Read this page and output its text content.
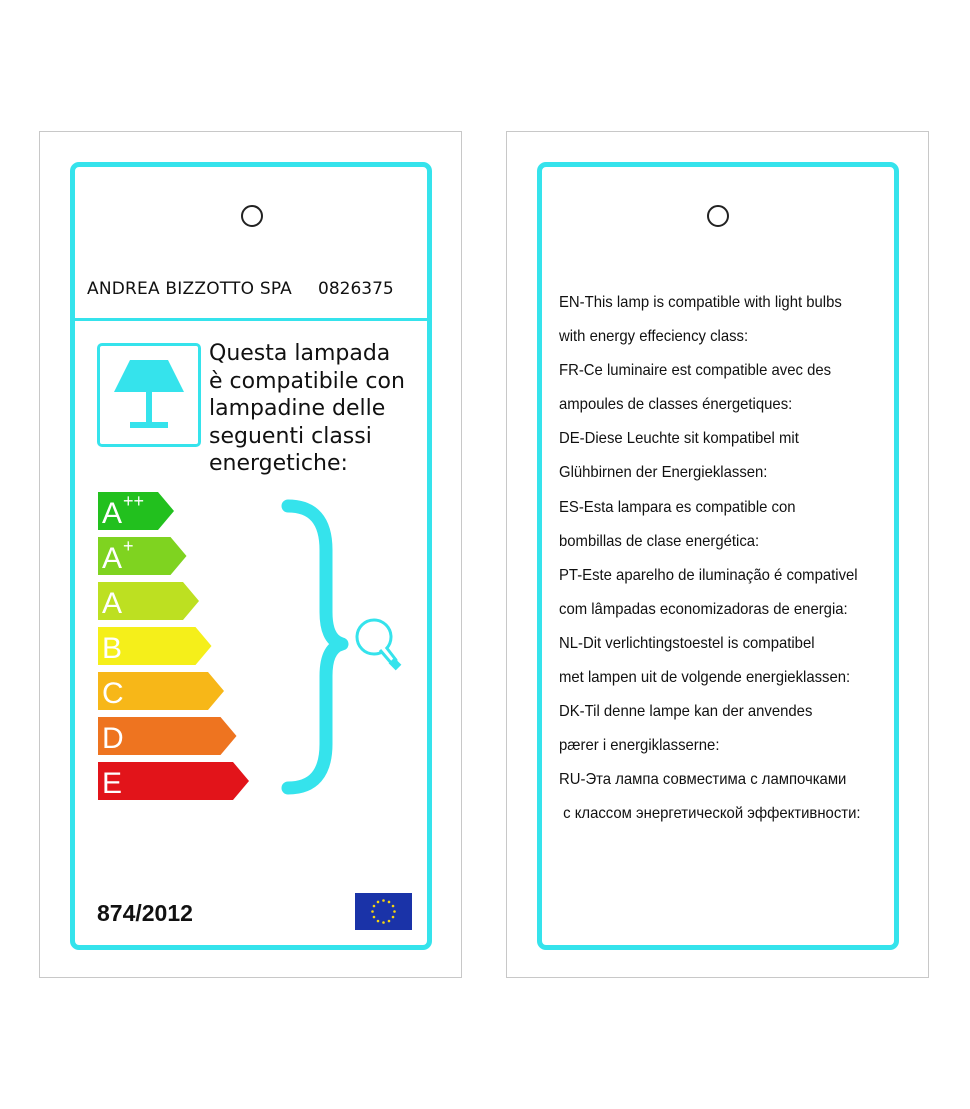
ANDREA BIZZOTTO SPA 0826375
Questa lampada
è compatibile con
lampadine delle
seguenti classi
energetiche:
A ++
A +
A
B
C
D
E
874/2012
EN-This lamp is compatible with light bulbs
with energy effeciency class:
FR-Ce luminaire est compatible avec des
ampoules de classes énergetiques:
DE-Diese Leuchte sit kompatibel mit
Glühbirnen der Energieklassen:
ES-Esta lampara es compatible con
bombillas de clase energética:
PT-Este aparelho de iluminação é compativel
com lâmpadas economizadoras de energia:
NL-Dit verlichtingstoestel is compatibel
met lampen uit de volgende energieklassen:
DK-Til denne lampe kan der anvendes
pærer i energiklasserne:
RU-Эта лампа совместима с лампочками
с классом энергетической эффективности:
